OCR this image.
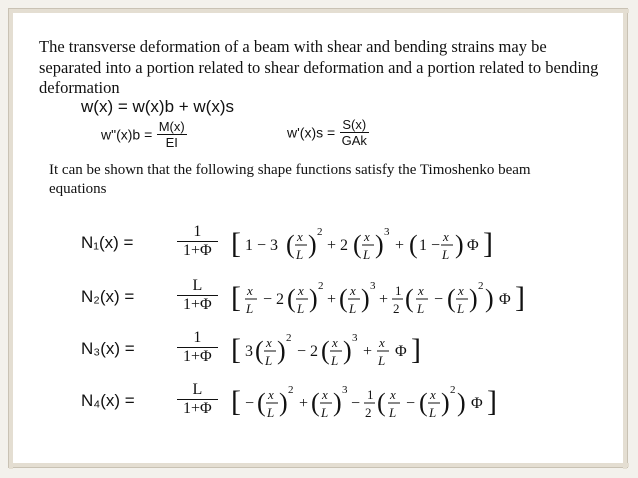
The transverse deformation of a beam with shear and bending strains may be separated into a portion related to shear deformation and a portion related to bending deformation
w(x) = w(x)b + w(x)s
w"(x)b = $\frac{M(x)}{EI}$	$w'(x)s = \frac{S(x)}{\text{GAk}}$
It can be shown that the following shape functions satisfy the Timoshenko beam equations
N₁(x) =	$\frac{1}{1+\Phi}$ [ 1 − 3 ( x
L ) 2
+ 2 ( x
L ) 3
+ ( 1 −
x
L ) Φ ]
N₂(x) =	$\frac{L}{1+\Phi}$ [ x
L
− 2 ( x
L ) 2
+ ( x
L ) 3
+
1
2 ( x
L
− ( x
L ) 2 ) Φ ]
N₃(x) =	$\frac{1}{1+\Phi}$ [ 3 ( x
L ) 2
− 2 ( x
L ) 3
+
x
L
Φ ]
N₄(x) =	$\frac{L}{1+\Phi}$ [ − ( x
L ) 2
+ ( x
L ) 3
−
1
2 ( x
L
− ( x
L ) 2 ) Φ ]
